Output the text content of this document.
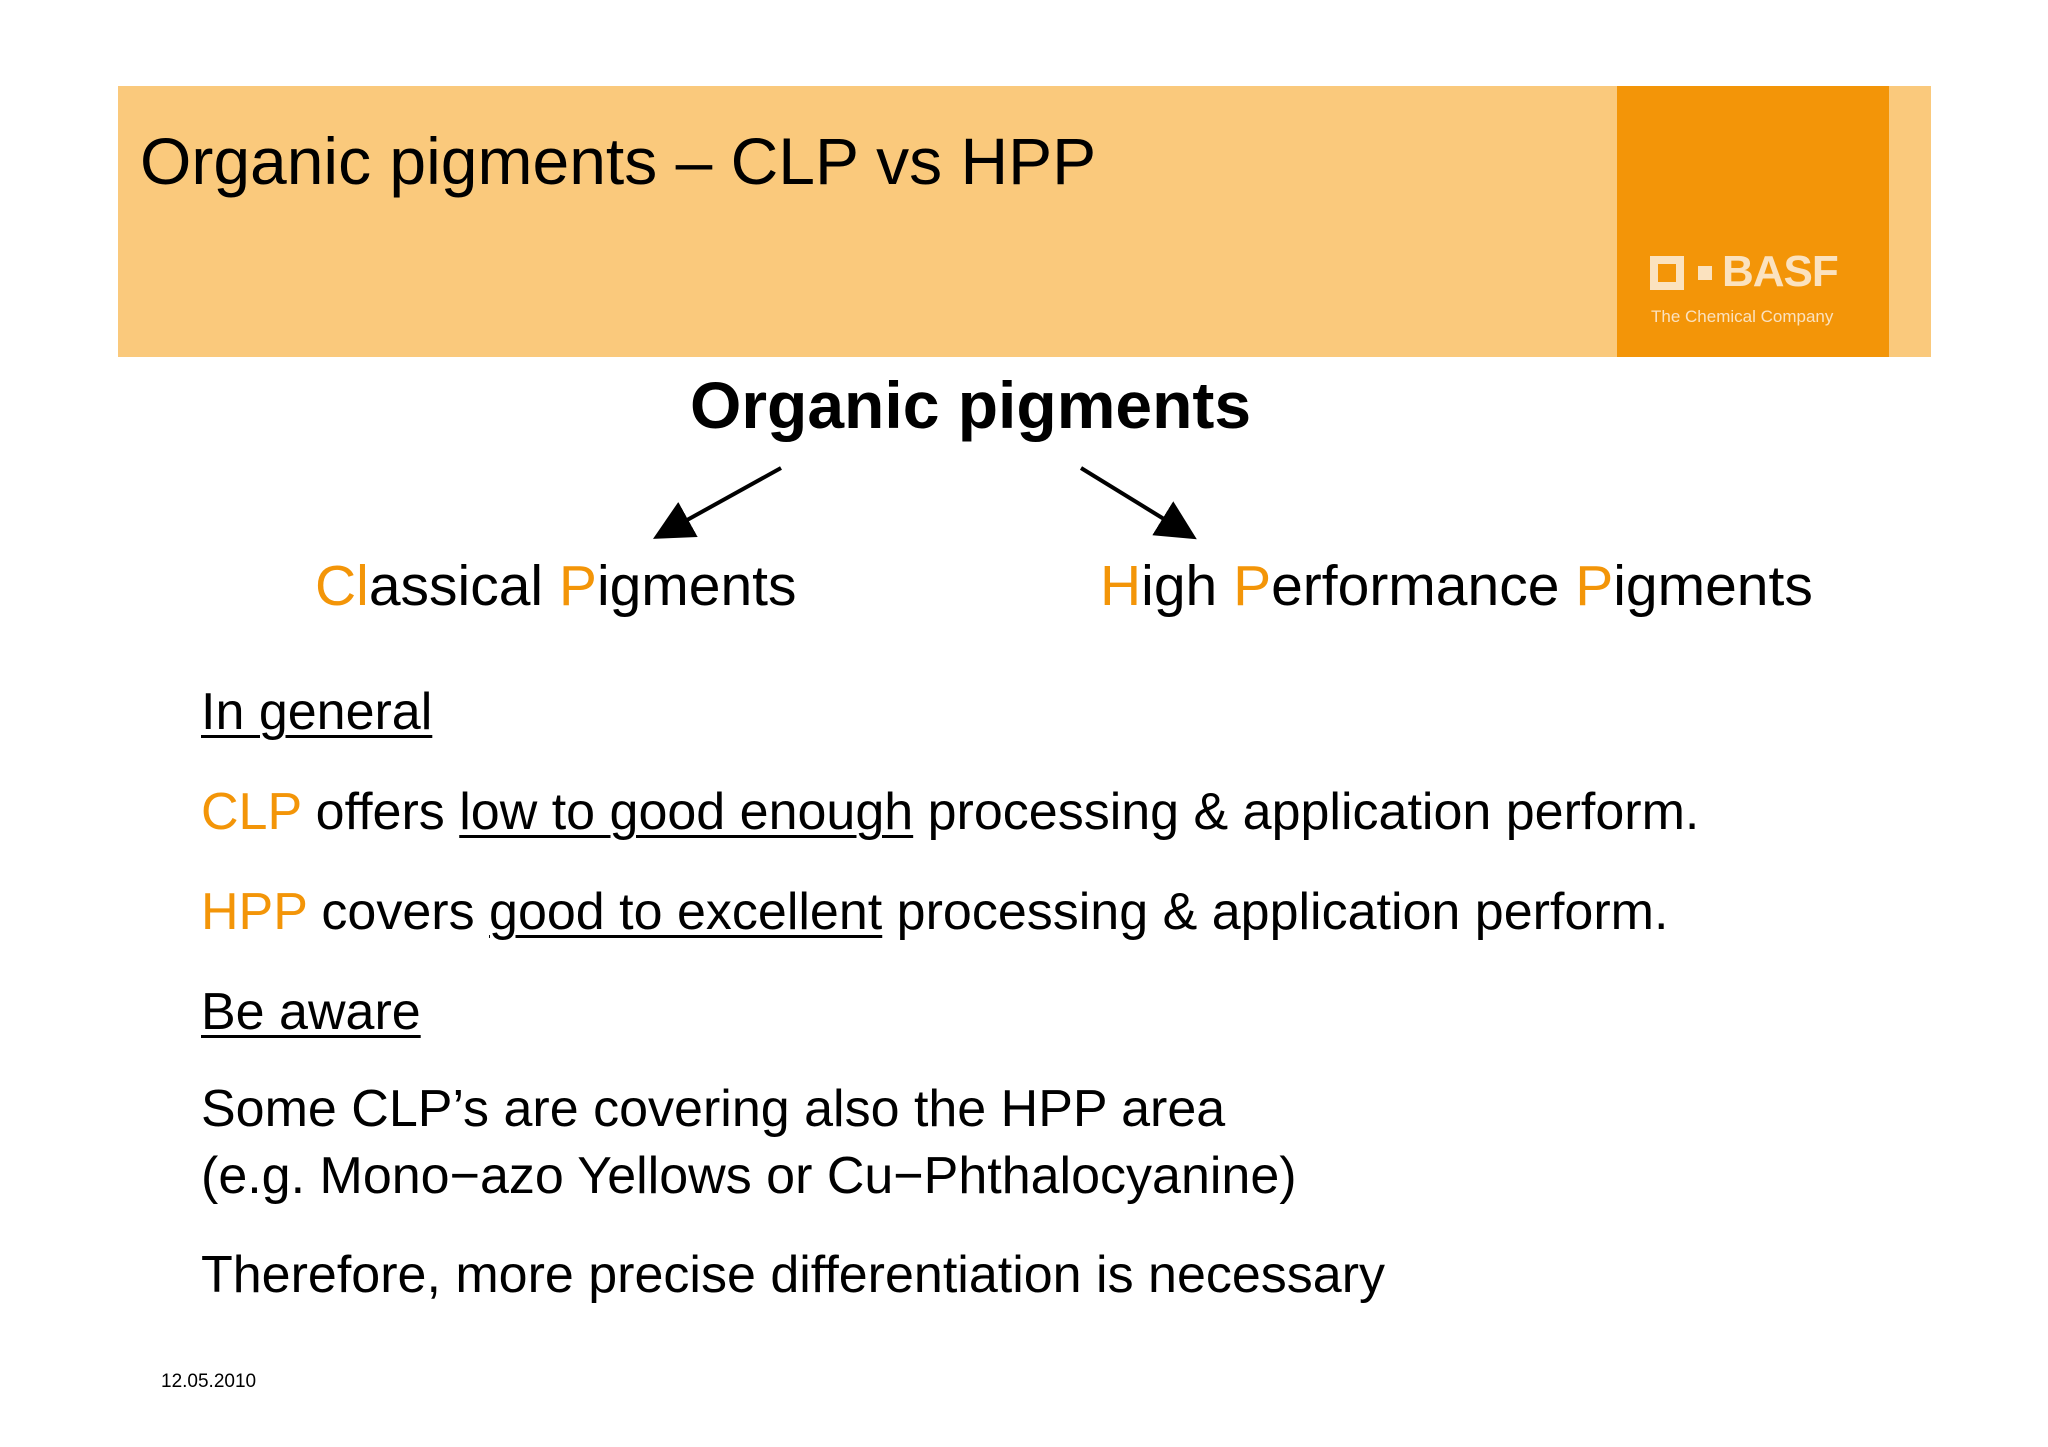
Organic pigments – CLP vs HPP
BASF
The Chemical Company
Organic pigments
Classical Pigments	High Performance Pigments
In general
CLP offers low to good enough processing & application perform.
HPP covers good to excellent processing & application perform.
Be aware
Some CLP’s are covering also the HPP area
(e.g. Mono−azo Yellows or Cu−Phthalocyanine)
Therefore, more precise differentiation is necessary
12.05.2010
